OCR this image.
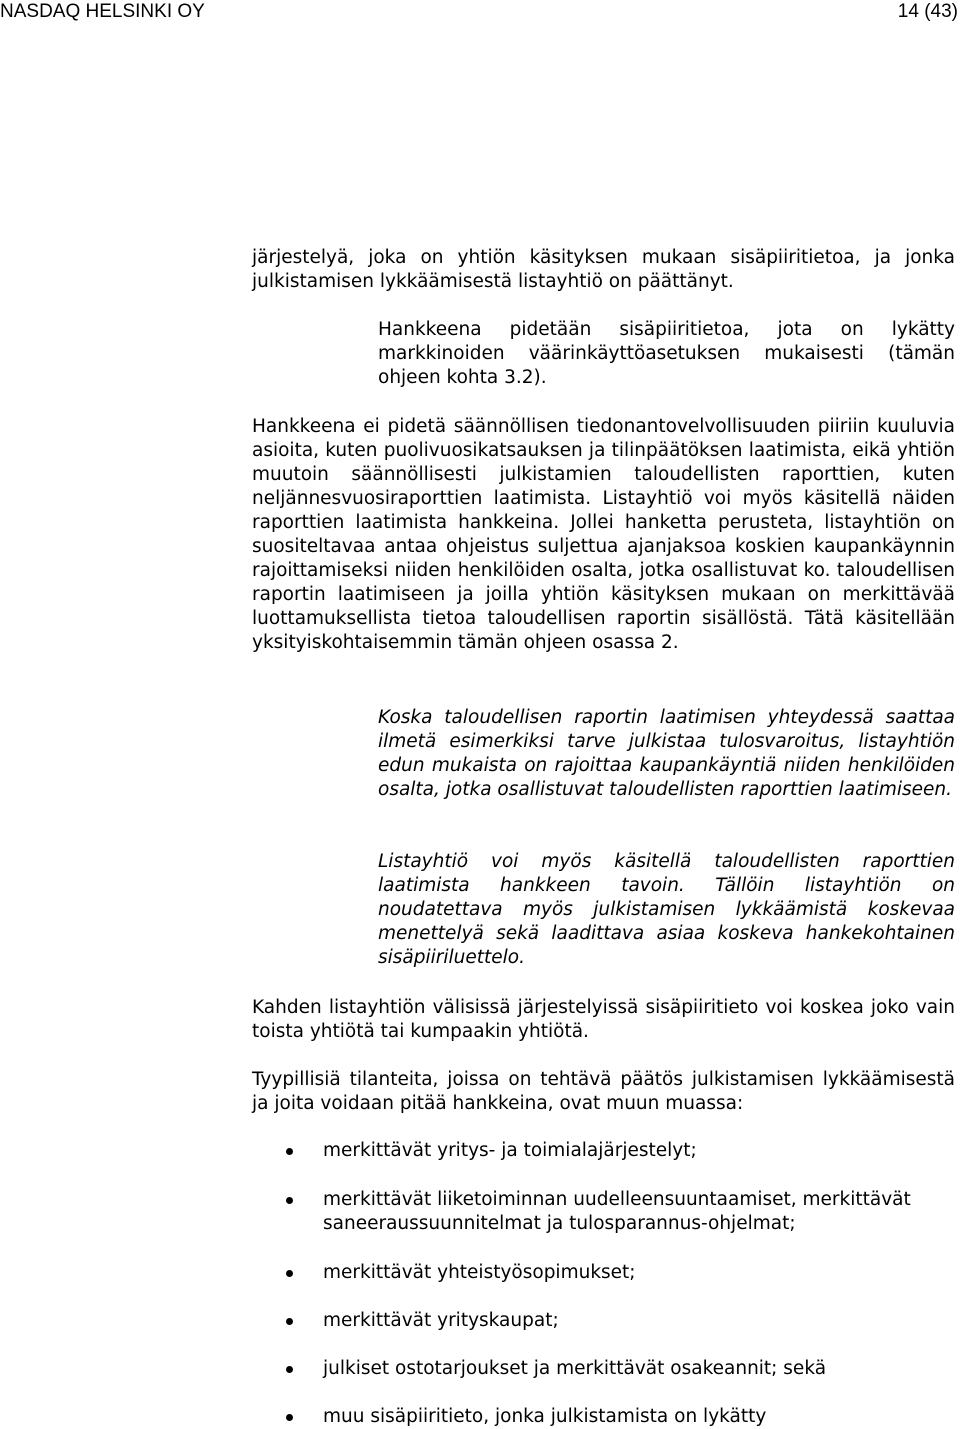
NASDAQ HELSINKI OY	14 (43)

järjestelyä, joka on yhtiön käsityksen mukaan sisäpiiritietoa, ja jonka julkistamisen lykkäämisestä listayhtiö on päättänyt.

Hankkeena pidetään sisäpiiritietoa, jota on lykätty markkinoiden väärinkäyttöasetuksen mukaisesti (tämän ohjeen kohta 3.2).

Hankkeena ei pidetä säännöllisen tiedonantovelvollisuuden piiriin kuuluvia asioita, kuten puolivuosikatsauksen ja tilinpäätöksen laatimista, eikä yhtiön muutoin säännöllisesti julkistamien taloudellisten raporttien, kuten neljännesvuosiraporttien laatimista. Listayhtiö voi myös käsitellä näiden raporttien laatimista hankkeina. Jollei hanketta perusteta, listayhtiön on suositeltavaa antaa ohjeistus suljettua ajanjaksoa koskien kaupankäynnin rajoittamiseksi niiden henkilöiden osalta, jotka osallistuvat ko. taloudellisen raportin laatimiseen ja joilla yhtiön käsityksen mukaan on merkittävää luottamuksellista tietoa taloudellisen raportin sisällöstä. Tätä käsitellään yksityiskohtaisemmin tämän ohjeen osassa 2.

Koska taloudellisen raportin laatimisen yhteydessä saattaa ilmetä esimerkiksi tarve julkistaa tulosvaroitus, listayhtiön edun mukaista on rajoittaa kaupankäyntiä niiden henkilöiden osalta, jotka osallistuvat taloudellisten raporttien laatimiseen.

Listayhtiö voi myös käsitellä taloudellisten raporttien laatimista hankkeen tavoin. Tällöin listayhtiön on noudatettava myös julkistamisen lykkäämistä koskevaa menettelyä sekä laadittava asiaa koskeva hankekohtainen sisäpiiriluettelo.

Kahden listayhtiön välisissä järjestelyissä sisäpiiritieto voi koskea joko vain toista yhtiötä tai kumpaakin yhtiötä.

Tyypillisiä tilanteita, joissa on tehtävä päätös julkistamisen lykkäämisestä ja joita voidaan pitää hankkeina, ovat muun muassa:

merkittävät yritys- ja toimialajärjestelyt;

merkittävät liiketoiminnan uudelleensuuntaamiset, merkittävät saneeraussuunnitelmat ja tulosparannus-ohjelmat;

merkittävät yhteistyösopimukset;

merkittävät yrityskaupat;

julkiset ostotarjoukset ja merkittävät osakeannit; sekä

muu sisäpiiritieto, jonka julkistamista on lykätty
